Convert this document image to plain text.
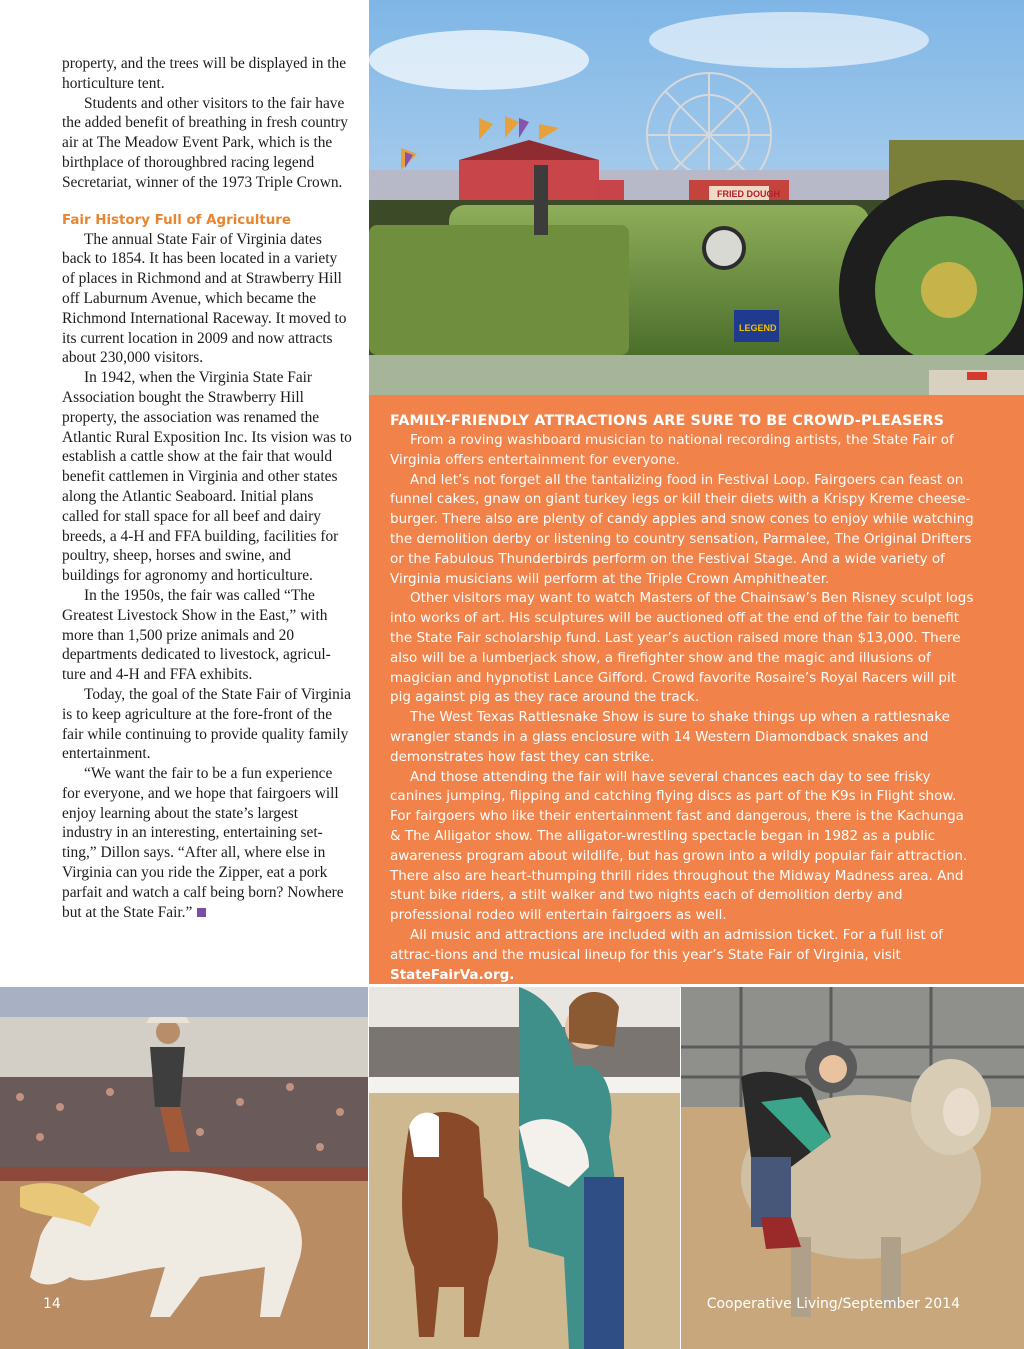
property, and the trees will be displayed in the horticulture tent.

Students and other visitors to the fair have the added benefit of breathing in fresh country air at The Meadow Event Park, which is the birthplace of thoroughbred racing legend Secretariat, winner of the 1973 Triple Crown.

Fair History Full of Agriculture

The annual State Fair of Virginia dates back to 1854. It has been located in a variety of places in Richmond and at Strawberry Hill off Laburnum Avenue, which became the Richmond International Raceway. It moved to its current location in 2009 and now attracts about 230,000 visitors.

In 1942, when the Virginia State Fair Association bought the Strawberry Hill property, the association was renamed the Atlantic Rural Exposition Inc. Its vision was to establish a cattle show at the fair that would benefit cattlemen in Virginia and other states along the Atlantic Seaboard. Initial plans called for stall space for all beef and dairy breeds, a 4-H and FFA building, facilities for poultry, sheep, horses and swine, and buildings for agronomy and horticulture.

In the 1950s, the fair was called “The Greatest Livestock Show in the East,” with more than 1,500 prize animals and 20 departments dedicated to livestock, agricul-ture and 4-H and FFA exhibits.

Today, the goal of the State Fair of Virginia is to keep agriculture at the fore-front of the fair while continuing to provide quality family entertainment.

“We want the fair to be a fun experience for everyone, and we hope that fairgoers will enjoy learning about the state’s largest industry in an interesting, entertaining set-ting,” Dillon says. “After all, where else in Virginia can you ride the Zipper, eat a pork parfait and watch a calf being born? Nowhere but at the State Fair.”

FRIED DOUGH
LEGEND
FAMILY-FRIENDLY ATTRACTIONS ARE SURE TO BE CROWD-PLEASERS

From a roving washboard musician to national recording artists, the State Fair of Virginia offers entertainment for everyone.

And let’s not forget all the tantalizing food in Festival Loop. Fairgoers can feast on funnel cakes, gnaw on giant turkey legs or kill their diets with a Krispy Kreme cheese-burger. There also are plenty of candy apples and snow cones to enjoy while watching the demolition derby or listening to country sensation, Parmalee, The Original Drifters or the Fabulous Thunderbirds perform on the Festival Stage. And a wide variety of Virginia musicians will perform at the Triple Crown Amphitheater.

Other visitors may want to watch Masters of the Chainsaw’s Ben Risney sculpt logs into works of art. His sculptures will be auctioned off at the end of the fair to benefit the State Fair scholarship fund. Last year’s auction raised more than $13,000. There also will be a lumberjack show, a firefighter show and the magic and illusions of magician and hypnotist Lance Gifford. Crowd favorite Rosaire’s Royal Racers will pit pig against pig as they race around the track.

The West Texas Rattlesnake Show is sure to shake things up when a rattlesnake wrangler stands in a glass enclosure with 14 Western Diamondback snakes and demonstrates how fast they can strike.

And those attending the fair will have several chances each day to see frisky canines jumping, flipping and catching flying discs as part of the K9s in Flight show. For fairgoers who like their entertainment fast and dangerous, there is the Kachunga & The Alligator show. The alligator-wrestling spectacle began in 1982 as a public awareness program about wildlife, but has grown into a wildly popular fair attraction. There also are heart-thumping thrill rides throughout the Midway Madness area. And stunt bike riders, a stilt walker and two nights each of demolition derby and professional rodeo will entertain fairgoers as well.

All music and attractions are included with an admission ticket. For a full list of attrac-tions and the musical lineup for this year’s State Fair of Virginia, visit StateFairVa.org.

14	Cooperative Living/September 2014
